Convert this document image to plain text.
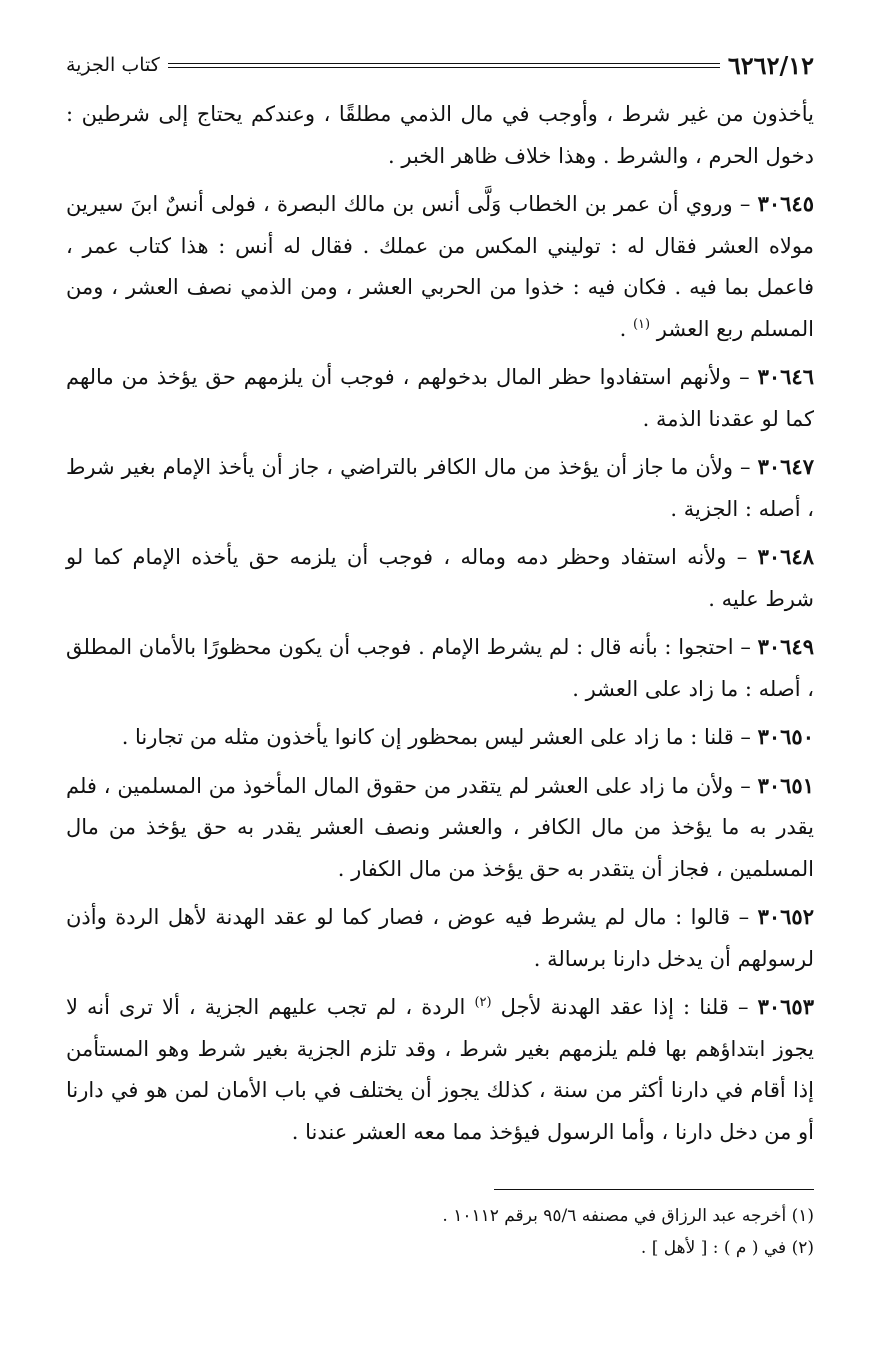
٦٢٦٢/١٢
كتاب الجزية

يأخذون من غير شرط ، وأوجب في مال الذمي مطلقًا ، وعندكم يحتاج إلى شرطين : دخول الحرم ، والشرط . وهذا خلاف ظاهر الخبر .

٣٠٦٤٥ – وروي أن عمر بن الخطاب وَلَّى أنس بن مالك البصرة ، فولى أنسٌ ابنَ سيرين مولاه العشر فقال له : توليني المكس من عملك . فقال له أنس : هذا كتاب عمر ، فاعمل بما فيه . فكان فيه : خذوا من الحربي العشر ، ومن الذمي نصف العشر ، ومن المسلم ربع العشر $^{(١)}$ .

٣٠٦٤٦ – ولأنهم استفادوا حظر المال بدخولهم ، فوجب أن يلزمهم حق يؤخذ من مالهم كما لو عقدنا الذمة .

٣٠٦٤٧ – ولأن ما جاز أن يؤخذ من مال الكافر بالتراضي ، جاز أن يأخذ الإمام بغير شرط ، أصله : الجزية .

٣٠٦٤٨ – ولأنه استفاد وحظر دمه وماله ، فوجب أن يلزمه حق يأخذه الإمام كما لو شرط عليه .

٣٠٦٤٩ – احتجوا : بأنه قال : لم يشرط الإمام . فوجب أن يكون محظورًا بالأمان المطلق ، أصله : ما زاد على العشر .

٣٠٦٥٠ – قلنا : ما زاد على العشر ليس بمحظور إن كانوا يأخذون مثله من تجارنا .

٣٠٦٥١ – ولأن ما زاد على العشر لم يتقدر من حقوق المال المأخوذ من المسلمين ، فلم يقدر به ما يؤخذ من مال الكافر ، والعشر ونصف العشر يقدر به حق يؤخذ من مال المسلمين ، فجاز أن يتقدر به حق يؤخذ من مال الكفار .

٣٠٦٥٢ – قالوا : مال لم يشرط فيه عوض ، فصار كما لو عقد الهدنة لأهل الردة وأذن لرسولهم أن يدخل دارنا برسالة .

٣٠٦٥٣ – قلنا : إذا عقد الهدنة لأجل $^{(٢)}$ الردة ، لم تجب عليهم الجزية ، ألا ترى أنه لا يجوز ابتداؤهم بها فلم يلزمهم بغير شرط ، وقد تلزم الجزية بغير شرط وهو المستأمن إذا أقام في دارنا أكثر من سنة ، كذلك يجوز أن يختلف في باب الأمان لمن هو في دارنا أو من دخل دارنا ، وأما الرسول فيؤخذ مما معه العشر عندنا .

(١) أخرجه عبد الرزاق في مصنفه ٩٥/٦ برقم ١٠١١٢ .

(٢) في ( م ) : [ لأهل ] .
